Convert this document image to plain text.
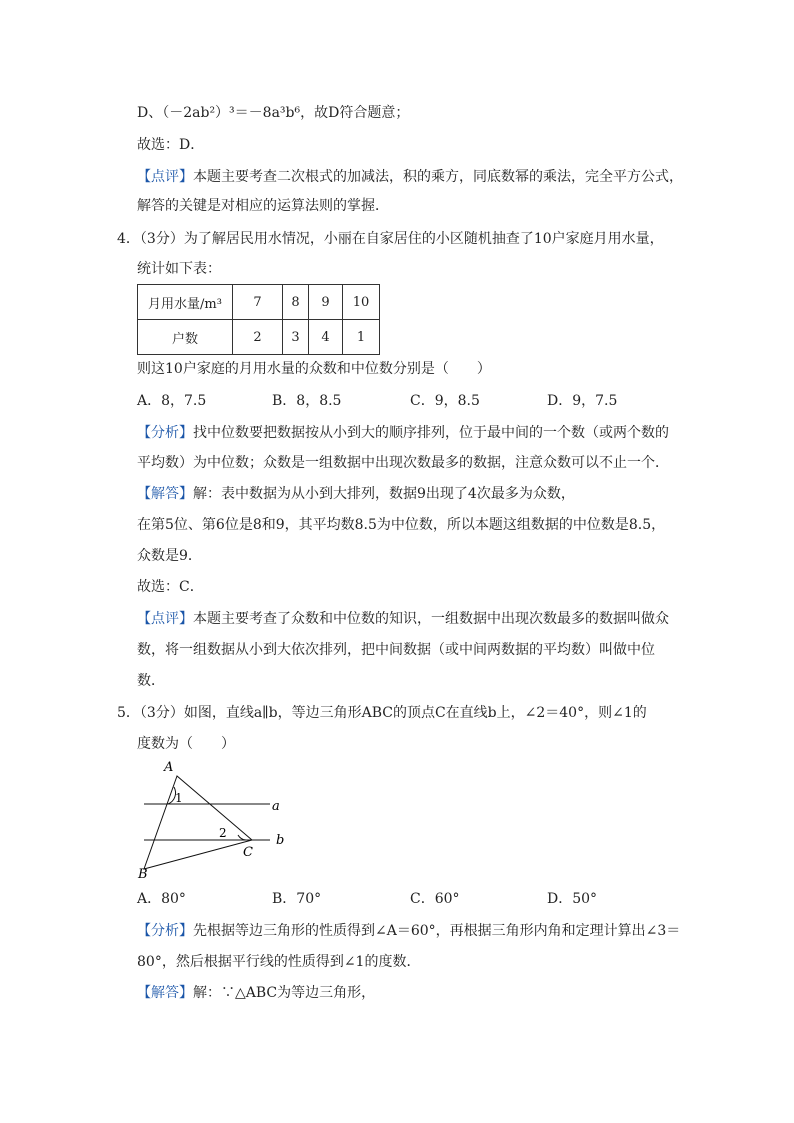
D、（－2ab²）³＝－8a³b⁶，故D符合题意；
故选：D．
【点评】本题主要考查二次根式的加减法，积的乘方，同底数幂的乘法，完全平方公式，
解答的关键是对相应的运算法则的掌握．
4．（3分）为了解居民用水情况，小丽在自家居住的小区随机抽查了10户家庭月用水量，
统计如下表：
月用水量/m³	7	8	9	10
户数	2	3	4	1
则这10户家庭的月用水量的众数和中位数分别是（　　）
A．8，7.5	B．8，8.5	C．9，8.5	D．9，7.5
【分析】找中位数要把数据按从小到大的顺序排列，位于最中间的一个数（或两个数的
平均数）为中位数；众数是一组数据中出现次数最多的数据，注意众数可以不止一个．
【解答】解：表中数据为从小到大排列，数据9出现了4次最多为众数，
在第5位、第6位是8和9，其平均数8.5为中位数，所以本题这组数据的中位数是8.5，
众数是9．
故选：C．
【点评】本题主要考查了众数和中位数的知识，一组数据中出现次数最多的数据叫做众
数，将一组数据从小到大依次排列，把中间数据（或中间两数据的平均数）叫做中位
数．
5．（3分）如图，直线a∥b，等边三角形ABC的顶点C在直线b上，∠2＝40°，则∠1的
度数为（　　）
A
B
C
a
b
1
2
A．80°	B．70°	C．60°	D．50°
【分析】先根据等边三角形的性质得到∠A＝60°，再根据三角形内角和定理计算出∠3＝
80°，然后根据平行线的性质得到∠1的度数．
【解答】解：∵△ABC为等边三角形，
